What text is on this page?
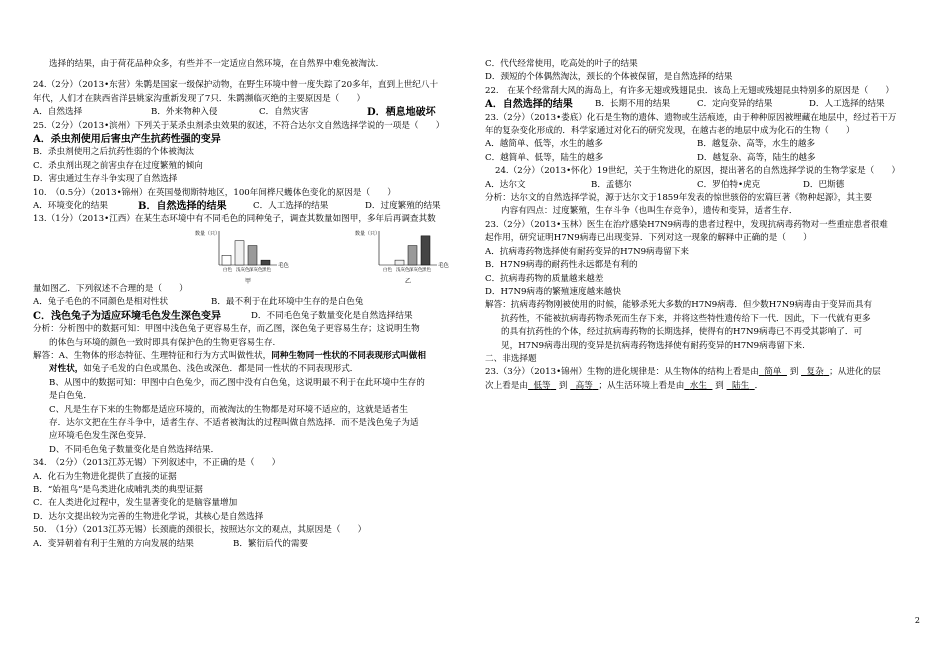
选择的结果，由于荷花品种众多，有些并不一定适应自然环境，在自然界中难免被淘汰.
24.（2分）（2013•东营）朱鹮是国家一级保护动物，在野生环境中曾一度失踪了20多年，直到上世纪八十
年代，人们才在陕西省洋县姚家沟重新发现了7只．朱鹮濒临灭绝的主要原因是（　　）
A．自然选择	B．外来物种入侵	C．自然灾害	D．栖息地破坏
25.（2分）（2013•滨州）下列关于某杀虫剂杀虫效果的叙述，不符合达尔文自然选择学说的一项是（　　）
A．杀虫剂使用后害虫产生抗药性强的变异
B．杀虫剂使用之后抗药性弱的个体被淘汰
C．杀虫剂出现之前害虫存在过度繁殖的倾向
D．害虫通过生存斗争实现了自然选择
10.　（0.5分）（2013•锦州）在英国曼彻斯特地区，100年间桦尺蠖体色变化的原因是（　　）
A．环境变化的结果	B．自然选择的结果	C．人工选择的结果	D．过度繁殖的结果
13.（1分）（2013•江西）在某生态环境中有不同毛色的同种兔子，调查其数量如图甲，多年后再调查其数
数量（只）
毛色
白色 浅灰色 深灰色 黑色
甲
数量（只）
毛色
白色 浅灰色 深灰色 黑色
乙
量如图乙．下列叙述不合理的是（　　）
A．兔子毛色的不同颜色是相对性状	B．最不利于在此环境中生存的是白色兔
C．浅色兔子为适应环境毛色发生深色变异	D．不同毛色兔子数量变化是自然选择结果
分析：分析图中的数据可知：甲图中浅色兔子更容易生存，而乙图，深色兔子更容易生存；这说明生物
的体色与环境的颜色一致时即具有保护色的生物更容易生存.
解答：A、生物体的形态特征、生理特征和行为方式叫做性状，同种生物同一性状的不同表现形式叫做相
对性状，如兔子毛发的白色或黑色、浅色或深色．都是同一性状的不同表现形式．
B、从图中的数据可知：甲图中白色兔少，而乙图中没有白色兔，这说明最不利于在此环境中生存的
是白色兔．
C、凡是生存下来的生物都是适应环境的，而被淘汰的生物都是对环境不适应的，这就是适者生
存．达尔文把在生存斗争中，适者生存、不适者被淘汰的过程叫做自然选择．而不是浅色兔子为适
应环境毛色发生深色变异．
D、不同毛色兔子数量变化是自然选择结果．
34.　（2分）（2013江苏无锡）下列叙述中，不正确的是（　　）
A．化石为生物进化提供了直接的证据
B．“始祖鸟”是鸟类进化成哺乳类的典型证据
C．在人类进化过程中，发生显著变化的是脑容量增加
D．达尔文提出较为完善的生物进化学说，其核心是自然选择
50.　（1分）（2013江苏无锡）长颈鹿的颈很长，按照达尔文的观点，其原因是（　　）
A．变异朝着有利于生殖的方向发展的结果	B．繁衍后代的需要
C．代代经常使用，吃高处的叶子的结果
D．颈短的个体偶然淘汰，颈长的个体被保留，是自然选择的结果
22.　在某个经常刮大风的海岛上，有许多无翅或残翅昆虫．该岛上无翅或残翅昆虫特别多的原因是（　　）
A．自然选择的结果	B．长期不用的结果	C．定向变异的结果	D．人工选择的结果
23.（2分）（2013•娄底）化石是生物的遗体、遗物或生活痕迹，由于种种原因被埋藏在地层中，经过若干万
年的复杂变化形成的．科学家通过对化石的研究发现，在越古老的地层中成为化石的生物（　　）
A．越简单、低等，水生的越多	B．越复杂、高等，水生的越多
C．越简单、低等，陆生的越多	D．越复杂、高等，陆生的越多
24.（2分）（2013•怀化）19世纪，关于生物进化的原因，提出著名的自然选择学说的生物学家是（　　）
A．达尔文	B．孟德尔	C．罗伯特•虎克	D．巴斯德
分析：达尔文的自然选择学说，源于达尔文于1859年发表的惊世骇俗的宏篇巨著《物种起源》，其主要
内容有四点：过度繁殖，生存斗争（也叫生存竞争），遗传和变异，适者生存．
23.（2分）（2013•玉林）医生在治疗感染H7N9病毒的患者过程中，发现抗病毒药物对一些重症患者很难
起作用，研究证明H7N9病毒已出现变异．下列对这一现象的解释中正确的是（　　）
A．抗病毒药物选择使有耐药变异的H7N9病毒留下来
B．H7N9病毒的耐药性永远都是有利的
C．抗病毒药物的质量越来越差
D．H7N9病毒的繁殖速度越来越快
解答：抗病毒药物刚被使用的时候，能够杀死大多数的H7N9病毒．但少数H7N9病毒由于变异而具有
抗药性，不能被抗病毒药物杀死而生存下来，并将这些特性遗传给下一代．因此，下一代就有更多
的具有抗药性的个体，经过抗病毒药物的长期选择，使得有的H7N9病毒已不再受其影响了．可
见，H7N9病毒出现的变异是抗病毒药物选择使有耐药变异的H7N9病毒留下来.
二、非选择题
23.（3分）（2013•锦州）生物的进化规律是：从生物体的结构上看是由 简单 到 复杂 ；从进化的层
次上看是由 低等 到 高等 ；从生活环境上看是由 水生 到 陆生 ．
2
